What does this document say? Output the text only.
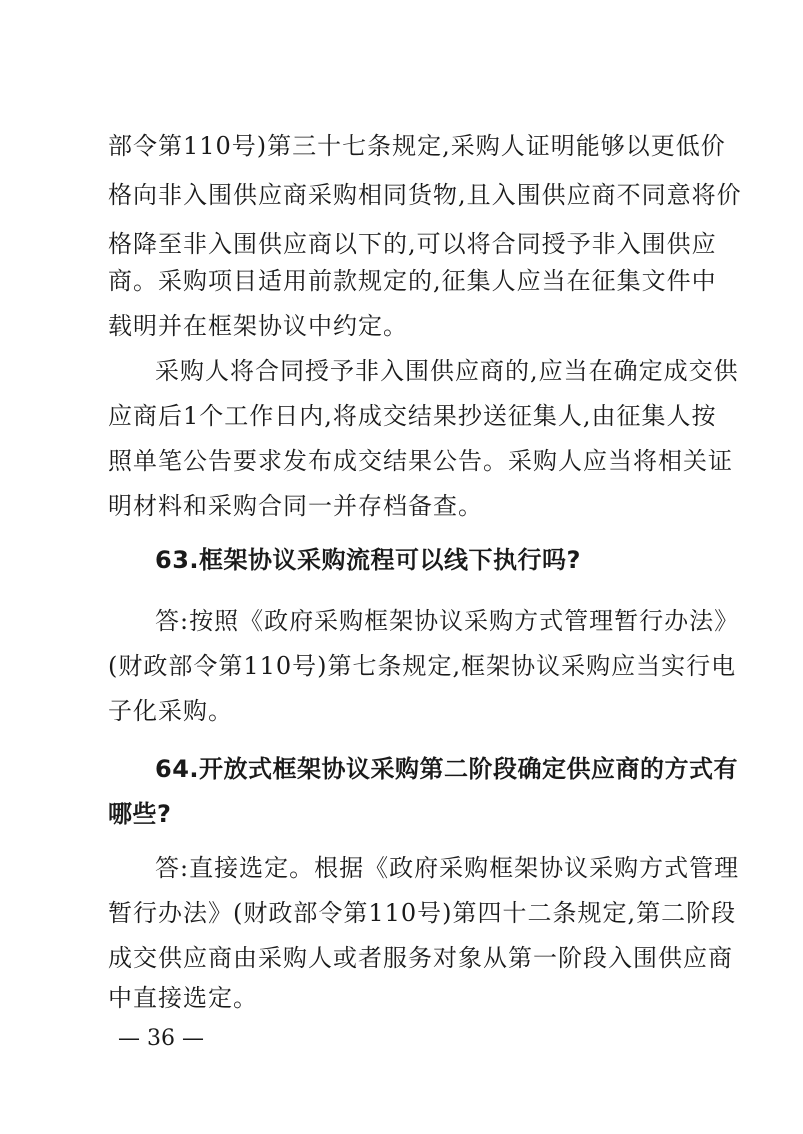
部令第110号)第三十七条规定,采购人证明能够以更低价
格向非入围供应商采购相同货物,且入围供应商不同意将价
格降至非入围供应商以下的,可以将合同授予非入围供应
商。采购项目适用前款规定的,征集人应当在征集文件中
载明并在框架协议中约定。
采购人将合同授予非入围供应商的,应当在确定成交供
应商后1个工作日内,将成交结果抄送征集人,由征集人按
照单笔公告要求发布成交结果公告。采购人应当将相关证
明材料和采购合同一并存档备查。
63.框架协议采购流程可以线下执行吗?
答:按照《政府采购框架协议采购方式管理暂行办法》
(财政部令第110号)第七条规定,框架协议采购应当实行电
子化采购。
64.开放式框架协议采购第二阶段确定供应商的方式有
哪些?
答:直接选定。根据《政府采购框架协议采购方式管理
暂行办法》(财政部令第110号)第四十二条规定,第二阶段
成交供应商由采购人或者服务对象从第一阶段入围供应商
中直接选定。
— 36 —
